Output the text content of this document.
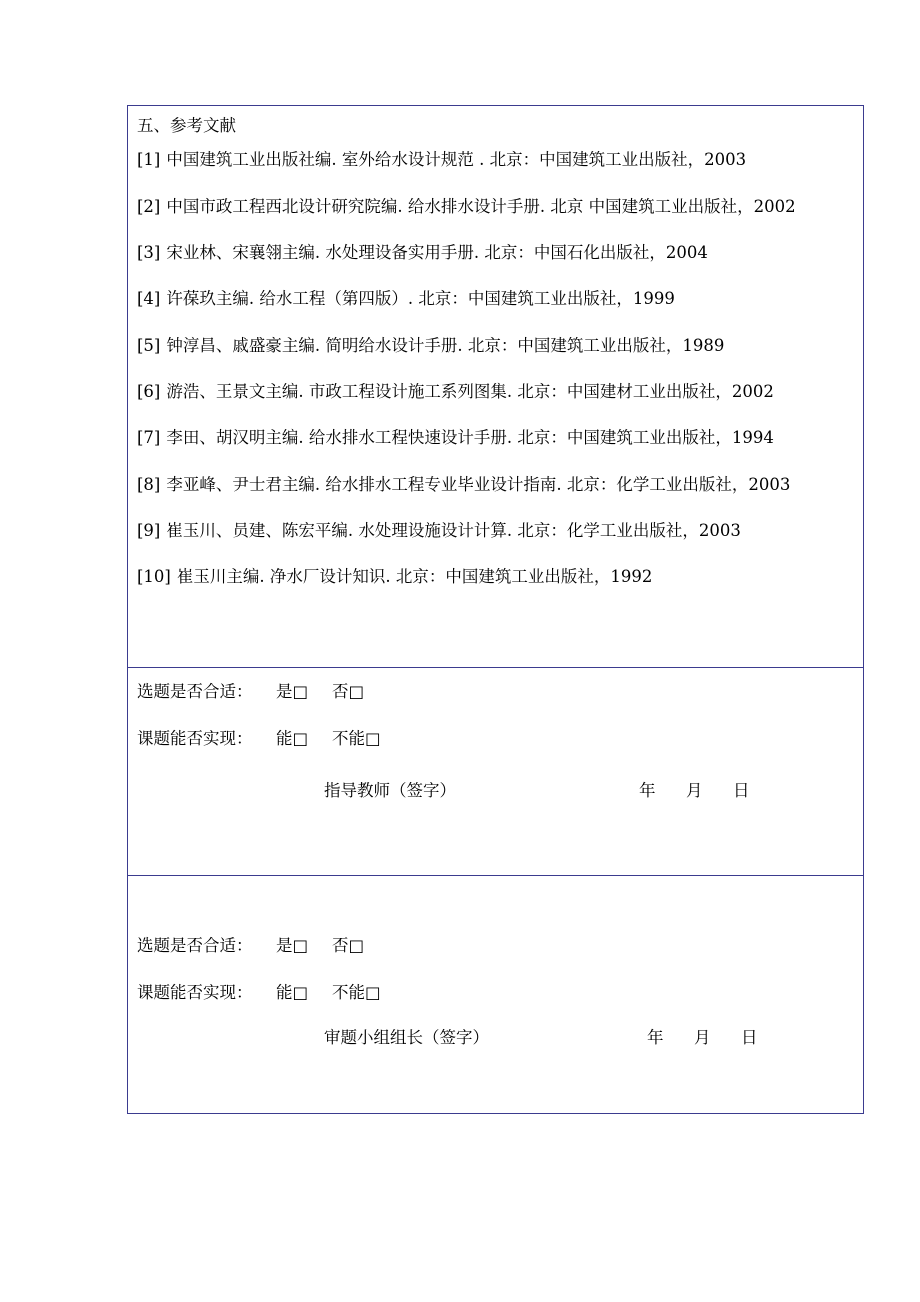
五、参考文献
[1] 中国建筑工业出版社编. 室外给水设计规范 . 北京：中国建筑工业出版社，2003
[2] 中国市政工程西北设计研究院编. 给水排水设计手册. 北京 中国建筑工业出版社，2002
[3] 宋业林、宋襄翎主编. 水处理设备实用手册. 北京：中国石化出版社，2004
[4] 许葆玖主编. 给水工程（第四版）. 北京：中国建筑工业出版社，1999
[5] 钟淳昌、戚盛豪主编. 简明给水设计手册. 北京：中国建筑工业出版社，1989
[6] 游浩、王景文主编. 市政工程设计施工系列图集. 北京：中国建材工业出版社，2002
[7] 李田、胡汉明主编. 给水排水工程快速设计手册. 北京：中国建筑工业出版社，1994
[8] 李亚峰、尹士君主编. 给水排水工程专业毕业设计指南. 北京：化学工业出版社，2003
[9] 崔玉川、员建、陈宏平编. 水处理设施设计计算. 北京：化学工业出版社，2003
[10] 崔玉川主编. 净水厂设计知识. 北京：中国建筑工业出版社，1992
选题是否合适： 是□ 否□
课题能否实现： 能□ 不能□
指导教师（签字）	年 月 日
选题是否合适： 是□ 否□
课题能否实现： 能□ 不能□
审题小组组长（签字）	年 月 日
